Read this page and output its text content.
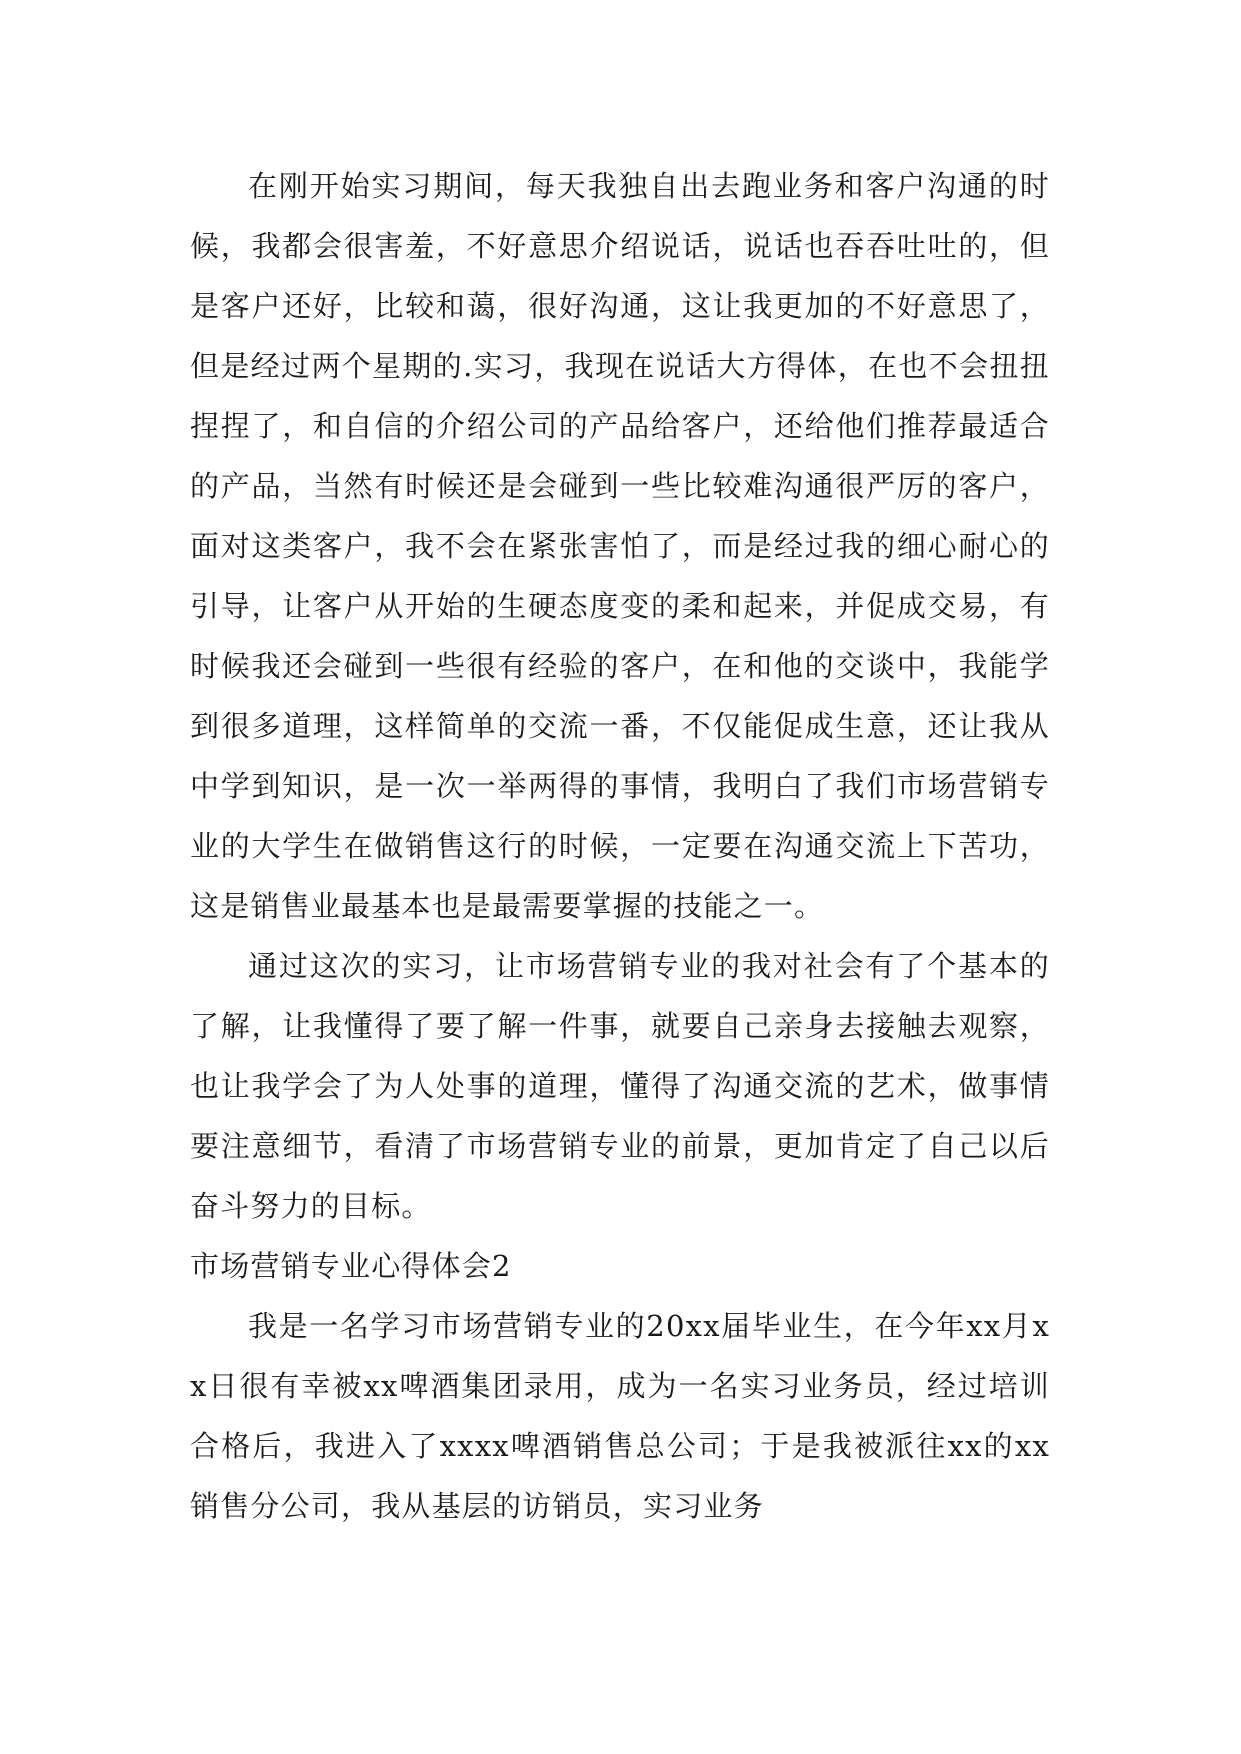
在刚开始实习期间，每天我独自出去跑业务和客户沟通的时候，我都会很害羞，不好意思介绍说话，说话也吞吞吐吐的，但是客户还好，比较和蔼，很好沟通，这让我更加的不好意思了，但是经过两个星期的.实习，我现在说话大方得体，在也不会扭扭捏捏了，和自信的介绍公司的产品给客户，还给他们推荐最适合的产品，当然有时候还是会碰到一些比较难沟通很严厉的客户，面对这类客户，我不会在紧张害怕了，而是经过我的细心耐心的引导，让客户从开始的生硬态度变的柔和起来，并促成交易，有时候我还会碰到一些很有经验的客户，在和他的交谈中，我能学到很多道理，这样简单的交流一番，不仅能促成生意，还让我从中学到知识，是一次一举两得的事情，我明白了我们市场营销专业的大学生在做销售这行的时候，一定要在沟通交流上下苦功，这是销售业最基本也是最需要掌握的技能之一。

通过这次的实习，让市场营销专业的我对社会有了个基本的了解，让我懂得了要了解一件事，就要自己亲身去接触去观察，也让我学会了为人处事的道理，懂得了沟通交流的艺术，做事情要注意细节，看清了市场营销专业的前景，更加肯定了自己以后奋斗努力的目标。

市场营销专业心得体会2

我是一名学习市场营销专业的20xx届毕业生，在今年xx月xx日很有幸被xx啤酒集团录用，成为一名实习业务员，经过培训合格后，我进入了xxxx啤酒销售总公司；于是我被派往xx的xx销售分公司，我从基层的访销员，实习业务
